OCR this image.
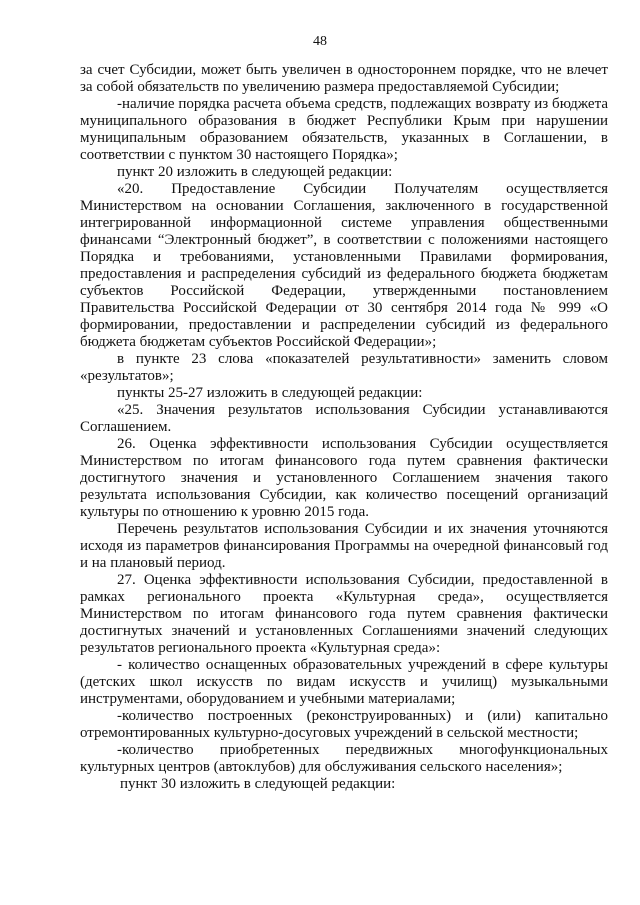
48

за счет Субсидии, может быть увеличен в одностороннем порядке, что не влечет за собой обязательств по увеличению размера предоставляемой Субсидии;

-наличие порядка расчета объема средств, подлежащих возврату из бюджета муниципального образования в бюджет Республики Крым при нарушении муниципальным образованием обязательств, указанных в Соглашении, в соответствии с пунктом 30 настоящего Порядка»;

пункт 20 изложить в следующей редакции:

«20. Предоставление Субсидии Получателям осуществляется Министерством на основании Соглашения, заключенного в государственной интегрированной информационной системе управления общественными финансами “Электронный бюджет”, в соответствии с положениями настоящего Порядка и требованиями, установленными Правилами формирования, предоставления и распределения субсидий из федерального бюджета бюджетам субъектов Российской Федерации, утвержденными постановлением Правительства Российской Федерации от 30 сентября 2014 года № 999 «О формировании, предоставлении и распределении субсидий из федерального бюджета бюджетам субъектов Российской Федерации»;

в пункте 23 слова «показателей результативности» заменить словом «результатов»;

пункты 25-27 изложить в следующей редакции:

«25. Значения результатов использования Субсидии устанавливаются Соглашением.

26. Оценка эффективности использования Субсидии осуществляется Министерством по итогам финансового года путем сравнения фактически достигнутого значения и установленного Соглашением значения такого результата использования Субсидии, как количество посещений организаций культуры по отношению к уровню 2015 года.

Перечень результатов использования Субсидии и их значения уточняются исходя из параметров финансирования Программы на очередной финансовый год и на плановый период.

27. Оценка эффективности использования Субсидии, предоставленной в рамках регионального проекта «Культурная среда», осуществляется Министерством по итогам финансового года путем сравнения фактически достигнутых значений и установленных Соглашениями значений следующих результатов регионального проекта «Культурная среда»:

- количество оснащенных образовательных учреждений в сфере культуры (детских школ искусств по видам искусств и училищ) музыкальными инструментами, оборудованием и учебными материалами;

-количество построенных (реконструированных) и (или) капитально отремонтированных культурно-досуговых учреждений в сельской местности;

-количество приобретенных передвижных многофункциональных культурных центров (автоклубов) для обслуживания сельского населения»;

пункт 30 изложить в следующей редакции:
